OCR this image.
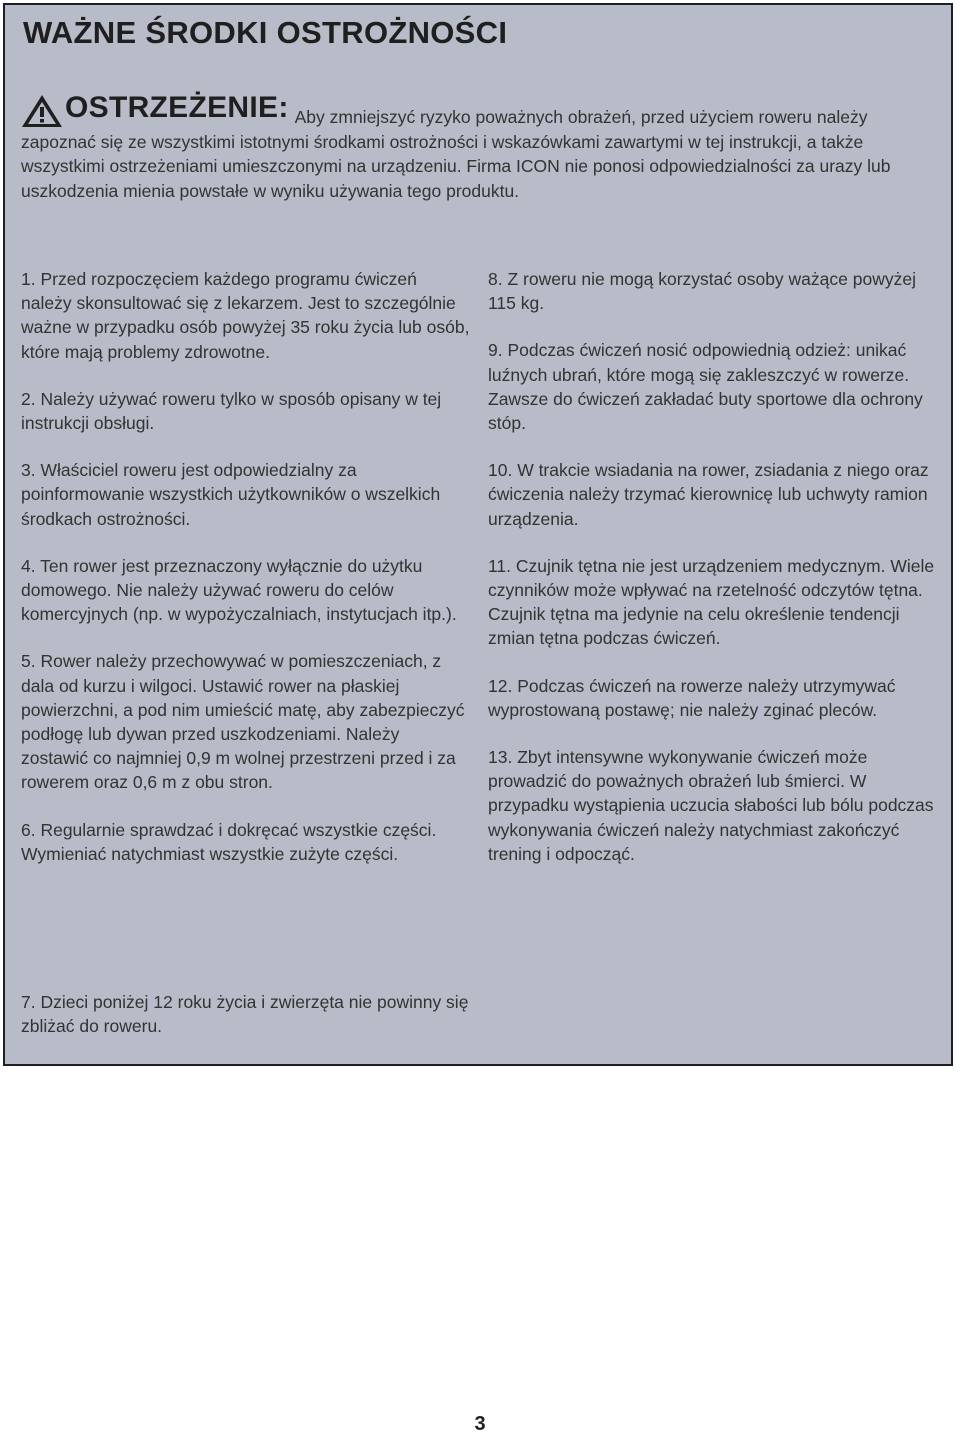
WAŻNE ŚRODKI OSTROŻNOŚCI
OSTRZEŻENIE: Aby zmniejszyć ryzyko poważnych obrażeń, przed użyciem roweru należy zapoznać się ze wszystkimi istotnymi środkami ostrożności i wskazówkami zawartymi w tej instrukcji, a także wszystkimi ostrzeżeniami umieszczonymi na urządzeniu. Firma ICON nie ponosi odpowiedzialności za urazy lub uszkodzenia mienia powstałe w wyniku używania tego produktu.

1. Przed rozpoczęciem każdego programu ćwiczeń należy skonsultować się z lekarzem. Jest to szczególnie ważne w przypadku osób powyżej 35 roku życia lub osób, które mają problemy zdrowotne.

2. Należy używać roweru tylko w sposób opisany w tej instrukcji obsługi.

3. Właściciel roweru jest odpowiedzialny za poinformowanie wszystkich użytkowników o wszelkich środkach ostrożności.

4. Ten rower jest przeznaczony wyłącznie do użytku domowego. Nie należy używać roweru do celów komercyjnych (np. w wypożyczalniach, instytucjach itp.).

5. Rower należy przechowywać w pomieszczeniach, z dala od kurzu i wilgoci. Ustawić rower na płaskiej powierzchni, a pod nim umieścić matę, aby zabezpieczyć podłogę lub dywan przed uszkodzeniami. Należy zostawić co najmniej 0,9 m wolnej przestrzeni przed i za rowerem oraz 0,6 m z obu stron.

6. Regularnie sprawdzać i dokręcać wszystkie części. Wymieniać natychmiast wszystkie zużyte części.

7. Dzieci poniżej 12 roku życia i zwierzęta nie powinny się zbliżać do roweru.

8. Z roweru nie mogą korzystać osoby ważące powyżej 115 kg.

9. Podczas ćwiczeń nosić odpowiednią odzież: unikać luźnych ubrań, które mogą się zakleszczyć w rowerze. Zawsze do ćwiczeń zakładać buty sportowe dla ochrony stóp.

10. W trakcie wsiadania na rower, zsiadania z niego oraz ćwiczenia należy trzymać kierownicę lub uchwyty ramion urządzenia.

11. Czujnik tętna nie jest urządzeniem medycznym. Wiele czynników może wpływać na rzetelność odczytów tętna. Czujnik tętna ma jedynie na celu określenie tendencji zmian tętna podczas ćwiczeń.

12. Podczas ćwiczeń na rowerze należy utrzymywać wyprostowaną postawę; nie należy zginać pleców.

13. Zbyt intensywne wykonywanie ćwiczeń może prowadzić do poważnych obrażeń lub śmierci. W przypadku wystąpienia uczucia słabości lub bólu podczas wykonywania ćwiczeń należy natychmiast zakończyć trening i odpocząć.

3
